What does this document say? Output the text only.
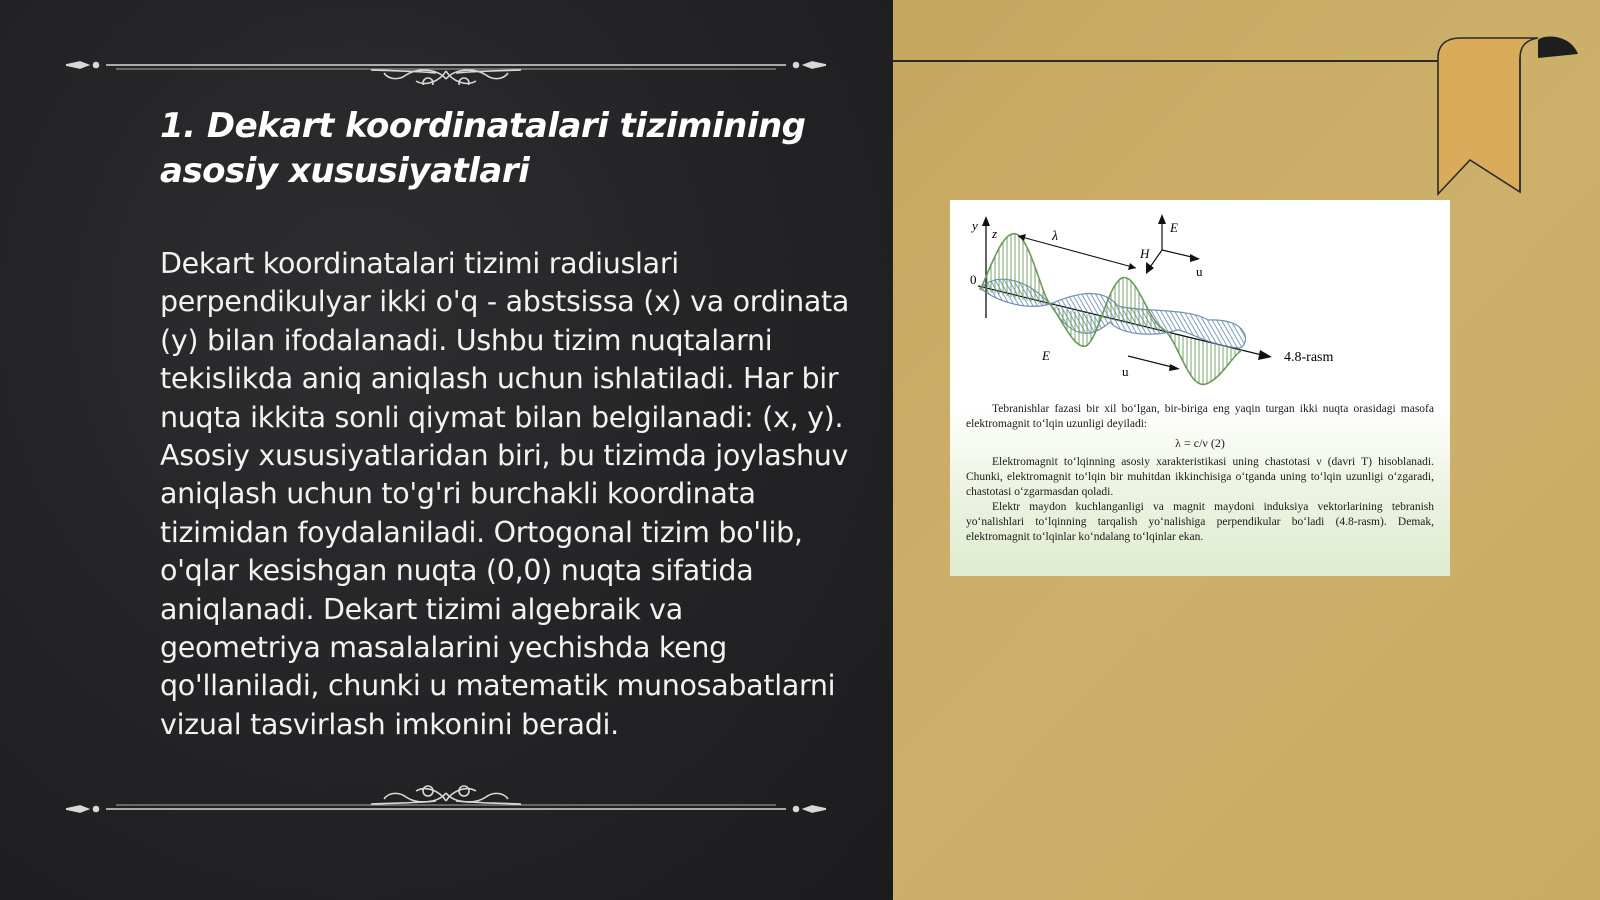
1. Dekart koordinatalari tizimining asosiy xususiyatlari

Dekart koordinatalari tizimi radiuslari perpendikulyar ikki o'q - abstsissa (x) va ordinata (y) bilan ifodalanadi. Ushbu tizim nuqtalarni tekislikda aniq aniqlash uchun ishlatiladi. Har bir nuqta ikkita sonli qiymat bilan belgilanadi: (x, y). Asosiy xususiyatlaridan biri, bu tizimda joylashuv aniqlash uchun to'g'ri burchakli koordinata tizimidan foydalaniladi. Ortogonal tizim bo'lib, o'qlar kesishgan nuqta (0,0) nuqta sifatida aniqlanadi. Dekart tizimi algebraik va geometriya masalalarini yechishda keng qo'llaniladi, chunki u matematik munosabatlarni vizual tasvirlash imkonini beradi.

y
z	λ
E
H
u
0
E
u
4.8-rasm

Tebranishlar fazasi bir xil bo‘lgan, bir-biriga eng yaqin turgan ikki nuqta orasidagi masofa elektromagnit to‘lqin uzunligi deyiladi:

λ = c/ν (2)

Elektromagnit to‘lqinning asosiy xarakteristikasi uning chastotasi ν (davri T) hisoblanadi. Chunki, elektromagnit to‘lqin bir muhitdan ikkinchisiga o‘tganda uning to‘lqin uzunligi o‘zgaradi, chastotasi o‘zgarmasdan qoladi.

Elektr maydon kuchlanganligi va magnit maydoni induksiya vektorlarining tebranish yo‘nalishlari to‘lqinning tarqalish yo‘nalishiga perpendikular bo‘ladi (4.8-rasm). Demak, elektromagnit to‘lqinlar ko‘ndalang to‘lqinlar ekan.
